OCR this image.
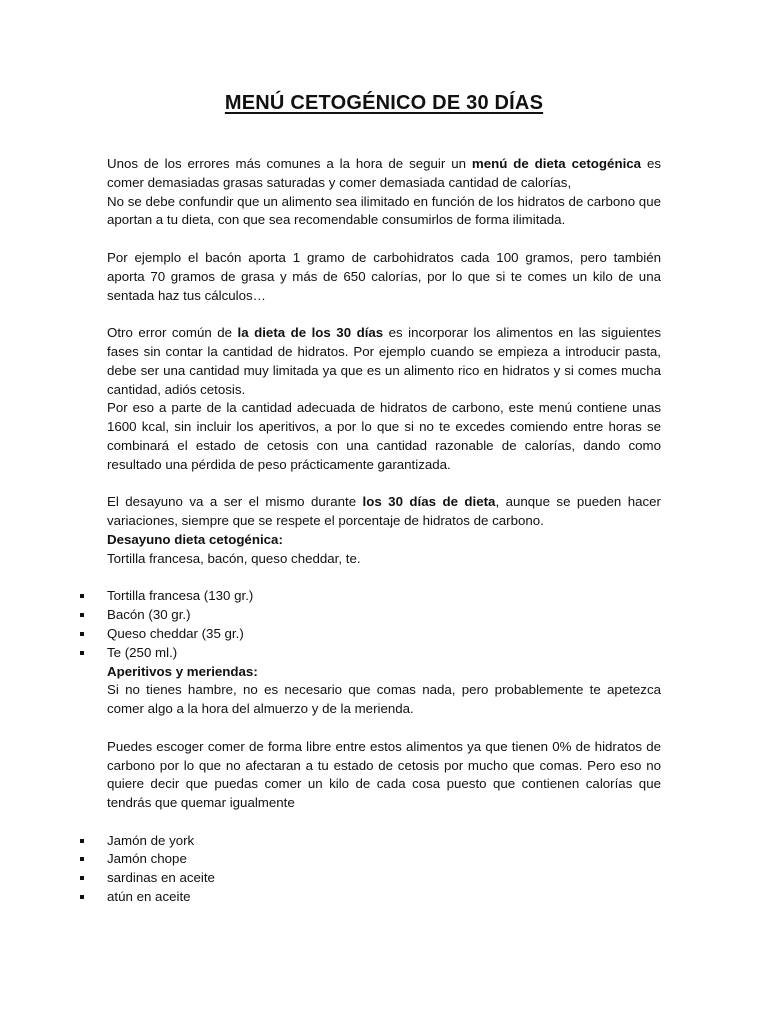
MENÚ CETOGÉNICO DE 30 DÍAS

Unos de los errores más comunes a la hora de seguir un menú de dieta cetogénica es comer demasiadas grasas saturadas y comer demasiada cantidad de calorías,

No se debe confundir que un alimento sea ilimitado en función de los hidratos de carbono que aportan a tu dieta, con que sea recomendable consumirlos de forma ilimitada.

Por ejemplo el bacón aporta 1 gramo de carbohidratos cada 100 gramos, pero también aporta 70 gramos de grasa y más de 650 calorías, por lo que si te comes un kilo de una sentada haz tus cálculos…

Otro error común de la dieta de los 30 días es incorporar los alimentos en las siguientes fases sin contar la cantidad de hidratos. Por ejemplo cuando se empieza a introducir pasta, debe ser una cantidad muy limitada ya que es un alimento rico en hidratos y si comes mucha cantidad, adiós cetosis.

Por eso a parte de la cantidad adecuada de hidratos de carbono, este menú contiene unas 1600 kcal, sin incluir los aperitivos, a por lo que si no te excedes comiendo entre horas se combinará el estado de cetosis con una cantidad razonable de calorías, dando como resultado una pérdida de peso prácticamente garantizada.

El desayuno va a ser el mismo durante los 30 días de dieta, aunque se pueden hacer variaciones, siempre que se respete el porcentaje de hidratos de carbono.

Desayuno dieta cetogénica:

Tortilla francesa, bacón, queso cheddar, te.

Tortilla francesa (130 gr.)
Bacón (30 gr.)
Queso cheddar (35 gr.)
Te (250 ml.)

Aperitivos y meriendas:

Si no tienes hambre, no es necesario que comas nada, pero probablemente te apetezca comer algo a la hora del almuerzo y de la merienda.

Puedes escoger comer de forma libre entre estos alimentos ya que tienen 0% de hidratos de carbono por lo que no afectaran a tu estado de cetosis por mucho que comas. Pero eso no quiere decir que puedas comer un kilo de cada cosa puesto que contienen calorías que tendrás que quemar igualmente

Jamón de york
Jamón chope
sardinas en aceite
atún en aceite
